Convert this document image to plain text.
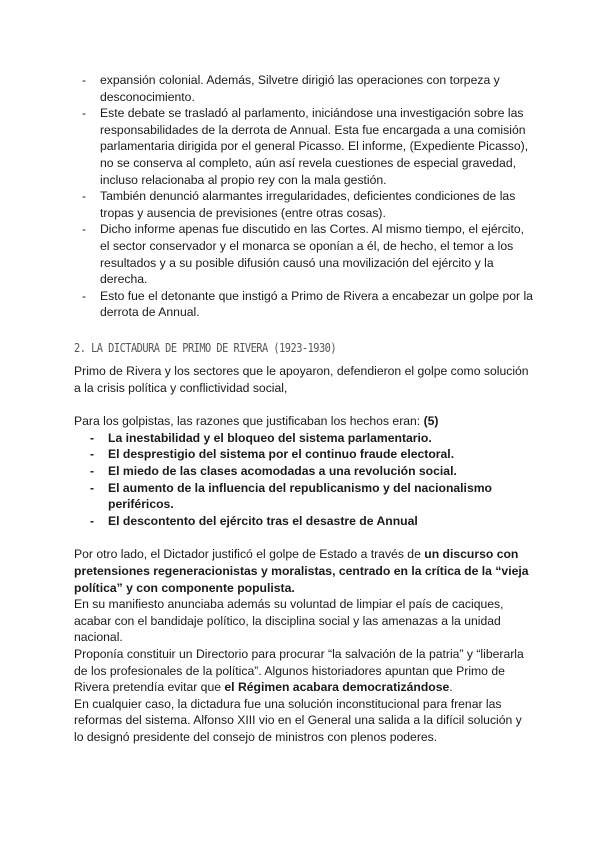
- expansión colonial. Además, Silvetre dirigió las operaciones con torpeza y desconocimiento.
- Este debate se trasladó al parlamento, iniciándose una investigación sobre las responsabilidades de la derrota de Annual. Esta fue encargada a una comisión parlamentaria dirigida por el general Picasso. El informe, (Expediente Picasso), no se conserva al completo, aún así revela cuestiones de especial gravedad, incluso relacionaba al propio rey con la mala gestión.
- También denunció alarmantes irregularidades, deficientes condiciones de las tropas y ausencia de previsiones (entre otras cosas).
- Dicho informe apenas fue discutido en las Cortes. Al mismo tiempo, el ejército, el sector conservador y el monarca se oponían a él, de hecho, el temor a los resultados y a su posible difusión causó una movilización del ejército y la derecha.
- Esto fue el detonante que instigó a Primo de Rivera a encabezar un golpe por la derrota de Annual.
2. LA DICTADURA DE PRIMO DE RIVERA (1923-1930)

Primo de Rivera y los sectores que le apoyaron, defendieron el golpe como solución a la crisis política y conflictividad social,

Para los golpistas, las razones que justificaban los hechos eran: (5)

- La inestabilidad y el bloqueo del sistema parlamentario.
- El desprestigio del sistema por el continuo fraude electoral.
- El miedo de las clases acomodadas a una revolución social.
- El aumento de la influencia del republicanismo y del nacionalismo periféricos.
- El descontento del ejército tras el desastre de Annual

Por otro lado, el Dictador justificó el golpe de Estado a través de un discurso con pretensiones regeneracionistas y moralistas, centrado en la crítica de la “vieja política” y con componente populista.

En su manifiesto anunciaba además su voluntad de limpiar el país de caciques, acabar con el bandidaje político, la disciplina social y las amenazas a la unidad nacional.

Proponía constituir un Directorio para procurar “la salvación de la patria” y “liberarla de los profesionales de la política”. Algunos historiadores apuntan que Primo de Rivera pretendía evitar que el Régimen acabara democratizándose.

En cualquier caso, la dictadura fue una solución inconstitucional para frenar las reformas del sistema. Alfonso XIII vio en el General una salida a la difícil solución y lo designó presidente del consejo de ministros con plenos poderes.
